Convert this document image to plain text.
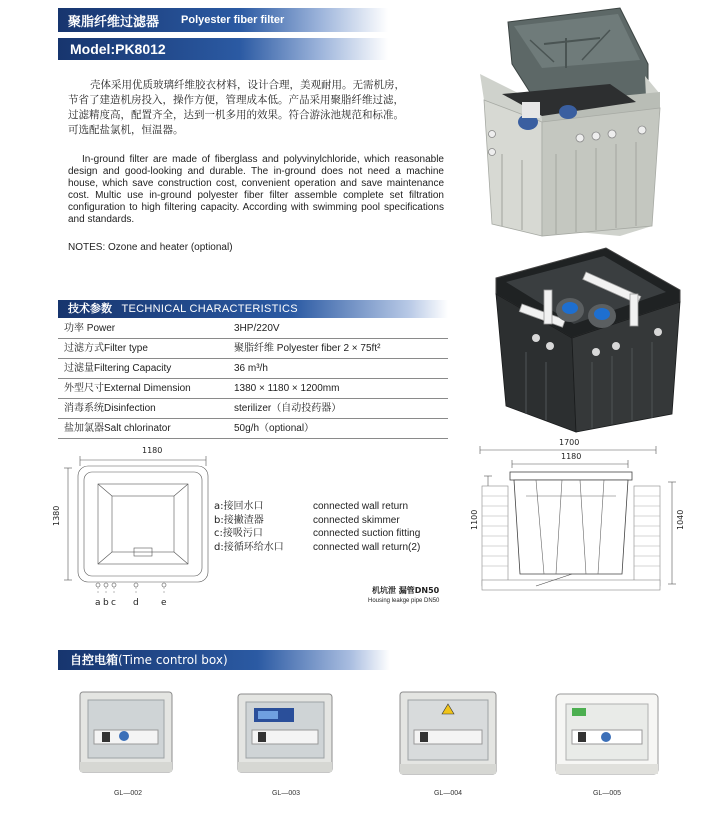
聚脂纤维过滤器 Polyester fiber filter
Model:PK8012

壳体采用优质玻璃纤维胶衣材料，设计合理，美观耐用。无需机房，节省了建造机房投入，操作方便，管理成本低。产品采用聚脂纤维过滤，过滤精度高，配置齐全，达到一机多用的效果。符合游泳池规范和标准。可选配盐氯机，恒温器。

In-ground filter are made of fiberglass and polyvinylchloride, which reasonable design and good-looking and durable. The in-ground does not need a machine house, which save construction cost, convenient operation and save maintenance cost. Multic use in-ground polyester fiber filter assemble complete set filtration configuration to high filtering capacity. According with swimming pool specifications and standards.

NOTES: Ozone and heater (optional)
技术参数 TECHNICAL CHARACTERISTICS
功率 Power	3HP/220V
过滤方式Filter type	聚脂纤维 Polyester fiber 2 × 75ft²
过滤量Filtering Capacity	36 m³/h
外型尺寸External Dimension	1380 × 1180 × 1200mm
消毒系统Disinfection	sterilizer（自动投药器）
盐加氯器Salt chlorinator	50g/h（optional）
1180
1380
a b c d e
a:接回水口	connected wall return
b:接撇渣器	connected skimmer
c:接吸污口	connected suction fitting
d:接循环给水口	connected wall return(2)
1700
1180
1100	1040
机坑泄 漏管DN50
Housing leakge pipe DN50
自控电箱(Time control box)
GL—002	GL—003	GL—004	GL—005
